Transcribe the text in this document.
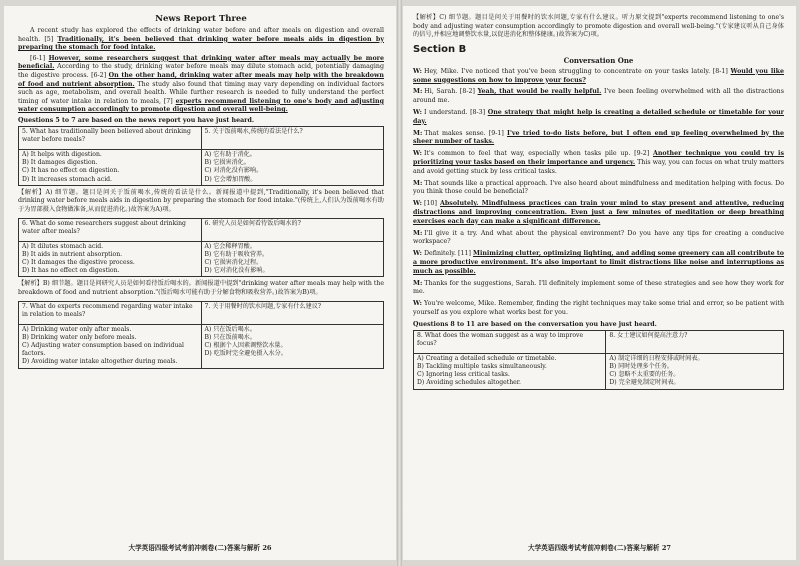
News Report Three

A recent study has explored the effects of drinking water before and after meals on digestion and overall health. [5] Traditionally, it's been believed that drinking water before meals aids in digestion by preparing the stomach for food intake.

[6-1] However, some researchers suggest that drinking water after meals may actually be more beneficial. According to the study, drinking water before meals may dilute stomach acid, potentially damaging the digestive process. [6-2] On the other hand, drinking water after meals may help with the breakdown of food and nutrient absorption. The study also found that timing may vary depending on individual factors such as age, metabolism, and overall health. While further research is needed to fully understand the perfect timing of water intake in relation to meals, [7] experts recommend listening to one's body and adjusting water consumption accordingly to promote digestion and overall well-being.

Questions 5 to 7 are based on the news report you have just heard.
5. What has traditionally been believed about drinking water before meals?	5. 关于饭前喝水,传统的看法是什么?

A) It helps with digestion.
B) It damages digestion.
C) It has no effect on digestion.
D) It increases stomach acid.	A) 它有助于消化。
B) 它损害消化。
C) 对消化没有影响。
D) 它会增加胃酸。
【解析】A) 细节题。题目是问关于饭前喝水,传统的看法是什么。新闻报道中提到,"Traditionally, it's been believed that drinking water before meals aids in digestion by preparing the stomach for food intake."(传统上,人们认为饭前喝水有助于为胃部摄入食物做准备,从而促进消化。)故答案为A)项。
6. What do some researchers suggest about drinking water after meals?	6. 研究人员是如何看待饭后喝水的?

A) It dilutes stomach acid.
B) It aids in nutrient absorption.
C) It damages the digestive process.
D) It has no effect on digestion.	A) 它会稀释胃酸。
B) 它有助于吸收营养。
C) 它损害消化过程。
D) 它对消化没有影响。
【解析】B) 细节题。题目是问研究人员是如何看待饭后喝水的。新闻报道中提到"drinking water after meals may help with the breakdown of food and nutrient absorption."(饭后喝水可能有助于分解食物和吸收营养。)故答案为B)项。
7. What do experts recommend regarding water intake in relation to meals?	7. 关于用餐时的饮水问题,专家有什么建议?

A) Drinking water only after meals.
B) Drinking water only before meals.
C) Adjusting water consumption based on individual factors.
D) Avoiding water intake altogether during meals.	A) 只在饭后喝水。
B) 只在饭前喝水。
C) 根据个人因素调整饮水量。
D) 吃饭时完全避免摄入水分。
大学英语四级考试考前冲刺卷(二)答案与解析 26
【解析】C) 细节题。题目是问关于用餐时的饮水问题,专家有什么建议。听力原文提到"experts recommend listening to one's body and adjusting water consumption accordingly to promote digestion and overall well-being."(专家建议听从自己身体的信号,并相应地调整饮水量,以促进消化和整体健康。)故答案为C)项。
Section B
Conversation One
W: Hey, Mike. I've noticed that you've been struggling to concentrate on your tasks lately. [8-1] Would you like some suggestions on how to improve your focus?
M: Hi, Sarah. [8-2] Yeah, that would be really helpful. I've been feeling overwhelmed with all the distractions around me.
W: I understand. [8-3] One strategy that might help is creating a detailed schedule or timetable for your day.
M: That makes sense. [9-1] I've tried to-do lists before, but I often end up feeling overwhelmed by the sheer number of tasks.
W: It's common to feel that way, especially when tasks pile up. [9-2] Another technique you could try is prioritizing your tasks based on their importance and urgency. This way, you can focus on what truly matters and avoid getting stuck by less critical tasks.
M: That sounds like a practical approach. I've also heard about mindfulness and meditation helping with focus. Do you think those could be beneficial?
W: [10] Absolutely. Mindfulness practices can train your mind to stay present and attentive, reducing distractions and improving concentration. Even just a few minutes of meditation or deep breathing exercises each day can make a significant difference.
M: I'll give it a try. And what about the physical environment? Do you have any tips for creating a conducive workspace?
W: Definitely. [11] Minimizing clutter, optimizing lighting, and adding some greenery can all contribute to a more productive environment. It's also important to limit distractions like noise and interruptions as much as possible.
M: Thanks for the suggestions, Sarah. I'll definitely implement some of these strategies and see how they work for me.
W: You're welcome, Mike. Remember, finding the right techniques may take some trial and error, so be patient with yourself as you explore what works best for you.
Questions 8 to 11 are based on the conversation you have just heard.
8. What does the woman suggest as a way to improve focus?	8. 女士建议如何提高注意力?

A) Creating a detailed schedule or timetable.
B) Tackling multiple tasks simultaneously.
C) Ignoring less critical tasks.
D) Avoiding schedules altogether.	A) 制定详细的日程安排或时间表。
B) 同时处理多个任务。
C) 忽略不太重要的任务。
D) 完全避免制定时间表。
大学英语四级考试考前冲刺卷(二)答案与解析 27
